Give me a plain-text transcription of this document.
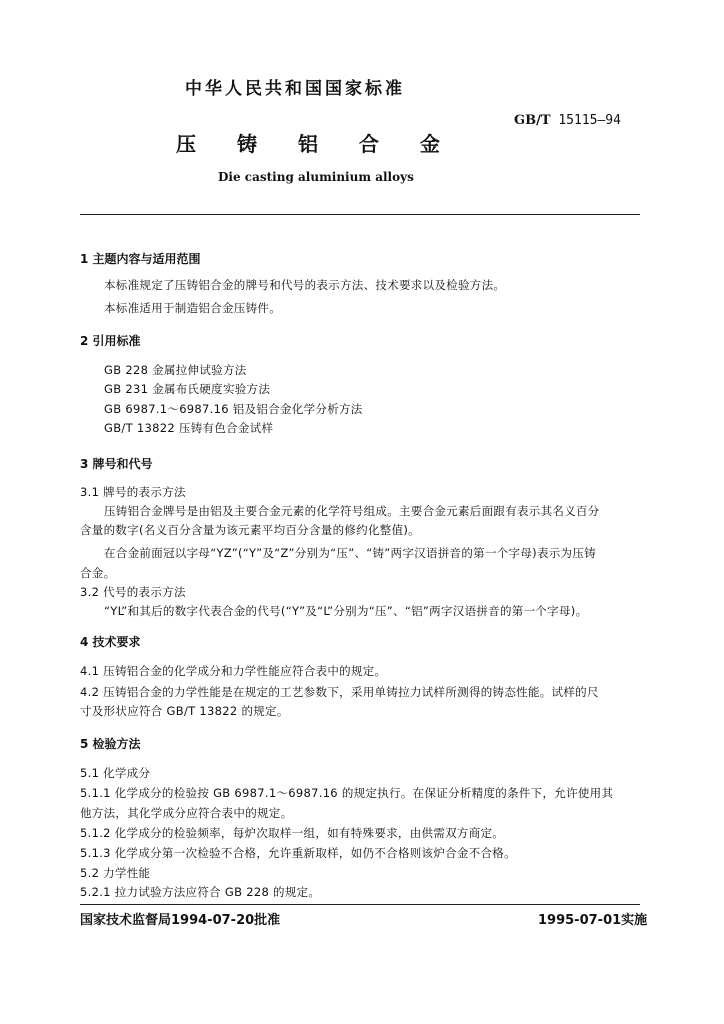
中华人民共和国国家标准
GB/T 15115—94
压 铸 铝 合 金
Die casting aluminium alloys
1 主题内容与适用范围
本标准规定了压铸铝合金的牌号和代号的表示方法、技术要求以及检验方法。
本标准适用于制造铝合金压铸件。
2 引用标准
GB 228 金属拉伸试验方法
GB 231 金属布氏硬度实验方法
GB 6987.1～6987.16 铝及铝合金化学分析方法
GB/T 13822 压铸有色合金试样
3 牌号和代号
3.1 牌号的表示方法
压铸铝合金牌号是由铝及主要合金元素的化学符号组成。主要合金元素后面跟有表示其名义百分
含量的数字(名义百分含量为该元素平均百分含量的修约化整值)。
在合金前面冠以字母“YZ”(“Y”及“Z”分别为“压”、“铸”两字汉语拼音的第一个字母)表示为压铸
合金。
3.2 代号的表示方法
“YL”和其后的数字代表合金的代号(“Y”及“L”分别为“压”、“铝”两字汉语拼音的第一个字母)。
4 技术要求
4.1 压铸铝合金的化学成分和力学性能应符合表中的规定。
4.2 压铸铝合金的力学性能是在规定的工艺参数下，采用单铸拉力试样所测得的铸态性能。试样的尺
寸及形状应符合 GB/T 13822 的规定。
5 检验方法
5.1 化学成分
5.1.1 化学成分的检验按 GB 6987.1～6987.16 的规定执行。在保证分析精度的条件下，允许使用其
他方法，其化学成分应符合表中的规定。
5.1.2 化学成分的检验频率，每炉次取样一组，如有特殊要求，由供需双方商定。
5.1.3 化学成分第一次检验不合格，允许重新取样，如仍不合格则该炉合金不合格。
5.2 力学性能
5.2.1 拉力试验方法应符合 GB 228 的规定。
国家技术监督局1994-07-20批准	1995-07-01实施
